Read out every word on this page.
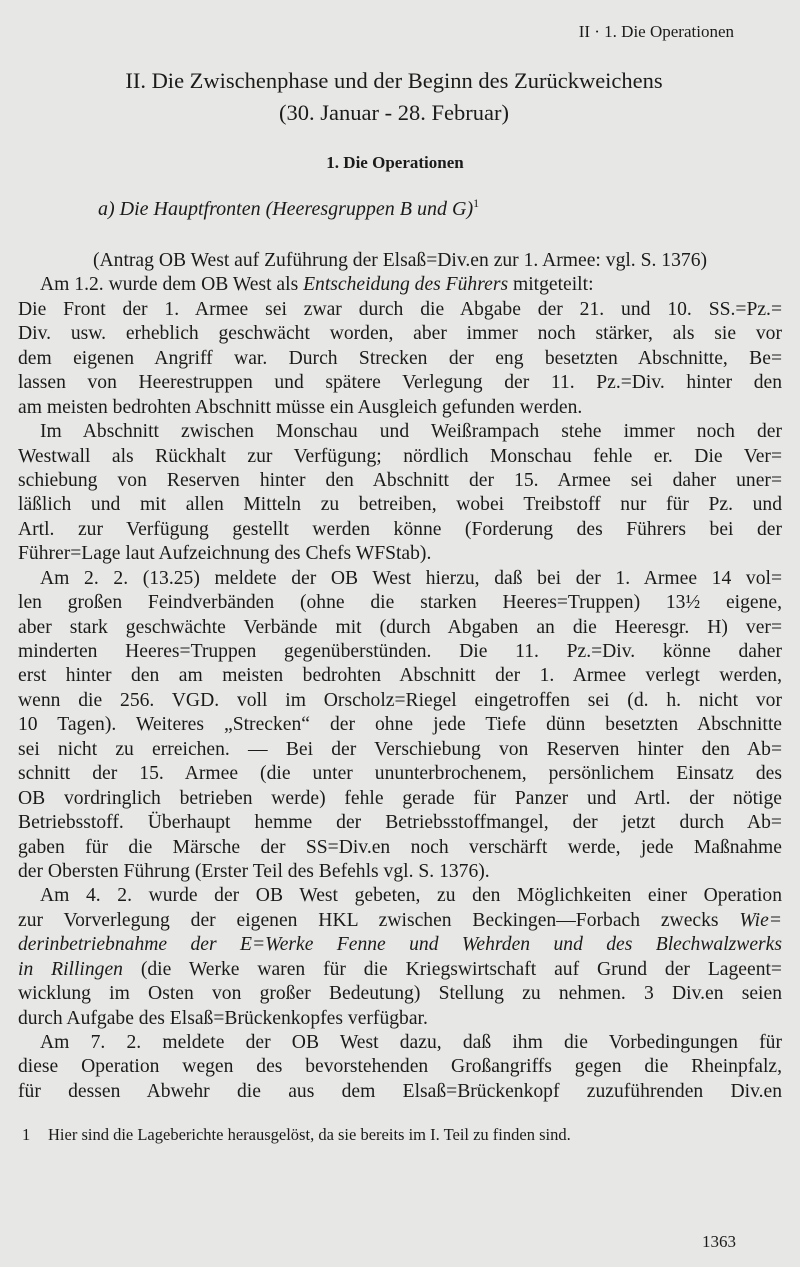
II · 1. Die Operationen
II. Die Zwischenphase und der Beginn des Zurückweichens
(30. Januar - 28. Februar)
1. Die Operationen
a) Die Hauptfronten (Heeresgruppen B und G)$^1$
(Antrag OB West auf Zuführung der Elsaß=Div.en zur 1. Armee: vgl. S. 1376)
Am 1.2. wurde dem OB West als Entscheidung des Führers mitgeteilt:
Die Front der 1. Armee sei zwar durch die Abgabe der 21. und 10. SS.=Pz.=
Div. usw. erheblich geschwächt worden, aber immer noch stärker, als sie vor
dem eigenen Angriff war. Durch Strecken der eng besetzten Abschnitte, Be=
lassen von Heerestruppen und spätere Verlegung der 11. Pz.=Div. hinter den
am meisten bedrohten Abschnitt müsse ein Ausgleich gefunden werden.
Im Abschnitt zwischen Monschau und Weißrampach stehe immer noch der
Westwall als Rückhalt zur Verfügung; nördlich Monschau fehle er. Die Ver=
schiebung von Reserven hinter den Abschnitt der 15. Armee sei daher uner=
läßlich und mit allen Mitteln zu betreiben, wobei Treibstoff nur für Pz. und
Artl. zur Verfügung gestellt werden könne (Forderung des Führers bei der
Führer=Lage laut Aufzeichnung des Chefs WFStab).
Am 2. 2. (13.25) meldete der OB West hierzu, daß bei der 1. Armee 14 vol=
len großen Feindverbänden (ohne die starken Heeres=Truppen) 13½ eigene,
aber stark geschwächte Verbände mit (durch Abgaben an die Heeresgr. H) ver=
minderten Heeres=Truppen gegenüberstünden. Die 11. Pz.=Div. könne daher
erst hinter den am meisten bedrohten Abschnitt der 1. Armee verlegt werden,
wenn die 256. VGD. voll im Orscholz=Riegel eingetroffen sei (d. h. nicht vor
10 Tagen). Weiteres „Strecken“ der ohne jede Tiefe dünn besetzten Abschnitte
sei nicht zu erreichen. — Bei der Verschiebung von Reserven hinter den Ab=
schnitt der 15. Armee (die unter ununterbrochenem, persönlichem Einsatz des
OB vordringlich betrieben werde) fehle gerade für Panzer und Artl. der nötige
Betriebsstoff. Überhaupt hemme der Betriebsstoffmangel, der jetzt durch Ab=
gaben für die Märsche der SS=Div.en noch verschärft werde, jede Maßnahme
der Obersten Führung (Erster Teil des Befehls vgl. S. 1376).
Am 4. 2. wurde der OB West gebeten, zu den Möglichkeiten einer Operation
zur Vorverlegung der eigenen HKL zwischen Beckingen—Forbach zwecks Wie=
derinbetriebnahme der E=Werke Fenne und Wehrden und des Blechwalzwerks
in Rillingen (die Werke waren für die Kriegswirtschaft auf Grund der Lageent=
wicklung im Osten von großer Bedeutung) Stellung zu nehmen. 3 Div.en seien
durch Aufgabe des Elsaß=Brückenkopfes verfügbar.
Am 7. 2. meldete der OB West dazu, daß ihm die Vorbedingungen für
diese Operation wegen des bevorstehenden Großangriffs gegen die Rheinpfalz,
für dessen Abwehr die aus dem Elsaß=Brückenkopf zuzuführenden Div.en
1 Hier sind die Lageberichte herausgelöst, da sie bereits im I. Teil zu finden sind.
1363
